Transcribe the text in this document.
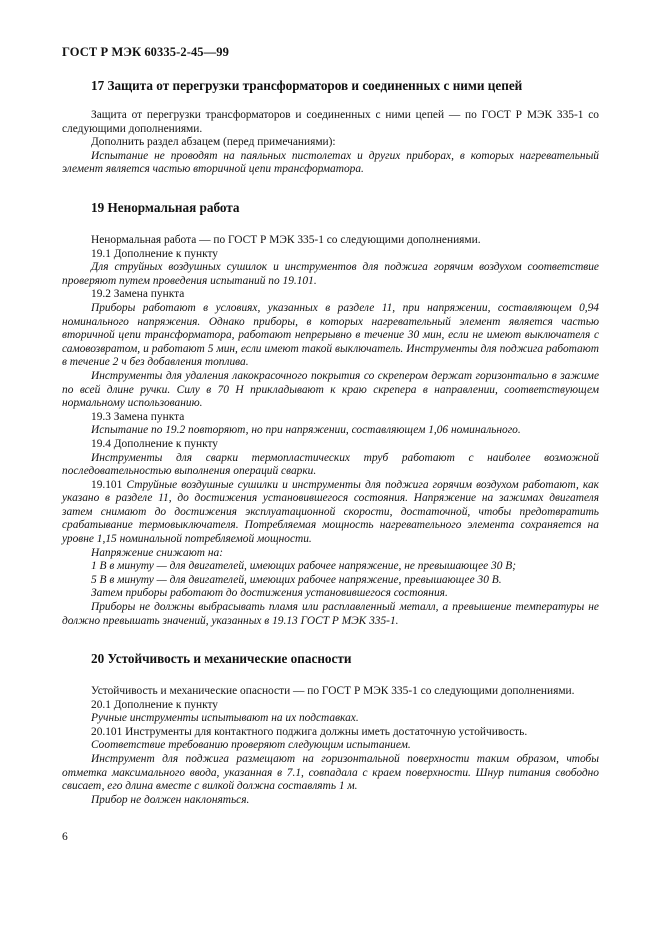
ГОСТ Р МЭК 60335-2-45—99
17 Защита от перегрузки трансформаторов и соединенных с ними цепей

Защита от перегрузки трансформаторов и соединенных с ними цепей — по ГОСТ Р МЭК 335-1 со следующими дополнениями.

Дополнить раздел абзацем (перед примечаниями):

Испытание не проводят на паяльных пистолетах и других приборах, в которых нагревательный элемент является частью вторичной цепи трансформатора.

19 Ненормальная работа

Ненормальная работа — по ГОСТ Р МЭК 335-1 со следующими дополнениями.

19.1 Дополнение к пункту

Для струйных воздушных сушилок и инструментов для поджига горячим воздухом соответствие проверяют путем проведения испытаний по 19.101.

19.2 Замена пункта

Приборы работают в условиях, указанных в разделе 11, при напряжении, составляющем 0,94 номинального напряжения. Однако приборы, в которых нагревательный элемент является частью вторичной цепи трансформатора, работают непрерывно в течение 30 мин, если не имеют выключателя с самовозвратом, и работают 5 мин, если имеют такой выключатель. Инструменты для поджига работают в течение 2 ч без добавления топлива.

Инструменты для удаления лакокрасочного покрытия со скрепером держат горизонтально в зажиме по всей длине ручки. Силу в 70 Н прикладывают к краю скрепера в направлении, соответствующем нормальному использованию.

19.3 Замена пункта

Испытание по 19.2 повторяют, но при напряжении, составляющем 1,06 номинального.

19.4 Дополнение к пункту

Инструменты для сварки термопластических труб работают с наиболее возможной последовательностью выполнения операций сварки.

19.101 Струйные воздушные сушилки и инструменты для поджига горячим воздухом работают, как указано в разделе 11, до достижения установившегося состояния. Напряжение на зажимах двигателя затем снимают до достижения эксплуатационной скорости, достаточной, чтобы предотвратить срабатывание термовыключателя. Потребляемая мощность нагревательного элемента сохраняется на уровне 1,15 номинальной потребляемой мощности.

Напряжение снижают на:

1 В в минуту — для двигателей, имеющих рабочее напряжение, не превышающее 30 В;

5 В в минуту — для двигателей, имеющих рабочее напряжение, превышающее 30 В.

Затем приборы работают до достижения установившегося состояния.

Приборы не должны выбрасывать пламя или расплавленный металл, а превышение температуры не должно превышать значений, указанных в 19.13 ГОСТ Р МЭК 335-1.

20 Устойчивость и механические опасности

Устойчивость и механические опасности — по ГОСТ Р МЭК 335-1 со следующими дополнениями.

20.1 Дополнение к пункту

Ручные инструменты испытывают на их подставках.

20.101 Инструменты для контактного поджига должны иметь достаточную устойчивость.

Соответствие требованию проверяют следующим испытанием.

Инструмент для поджига размещают на горизонтальной поверхности таким образом, чтобы отметка максимального ввода, указанная в 7.1, совпадала с краем поверхности. Шнур питания свободно свисает, его длина вместе с вилкой должна составлять 1 м.

Прибор не должен наклоняться.

6
